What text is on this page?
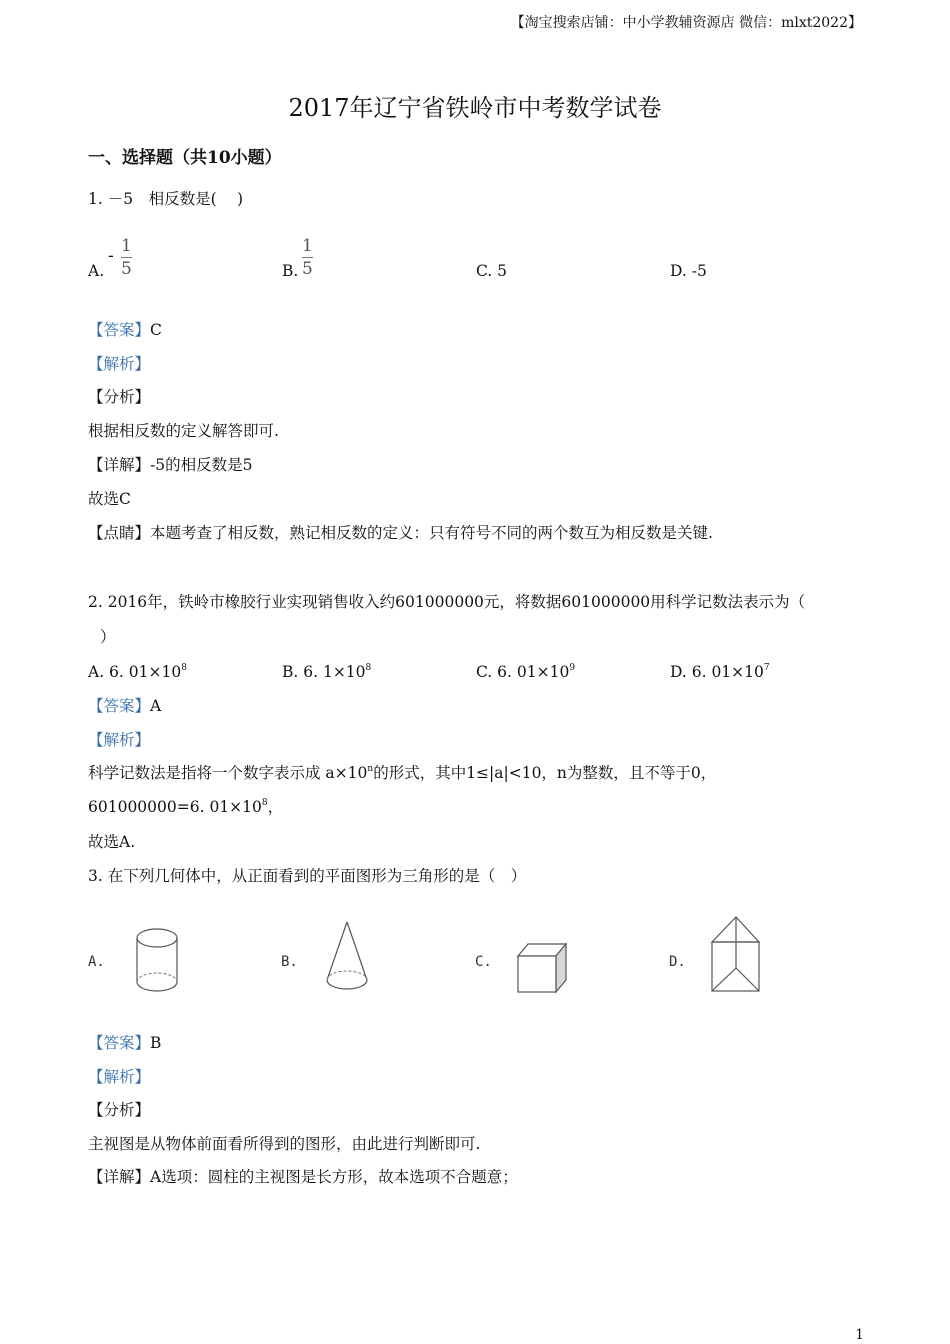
【淘宝搜索店铺：中小学教辅资源店 微信：mlxt2022】
2017年辽宁省铁岭市中考数学试卷
一、选择题（共10小题）
1. －5　相反数是(　 )
A.
- 1
5	B.
1
5	C. 5	D. -5
【答案】C
【解析】
【分析】
根据相反数的定义解答即可.
【详解】-5的相反数是5
故选C
【点睛】本题考查了相反数，熟记相反数的定义：只有符号不同的两个数互为相反数是关键.
2. 2016年，铁岭市橡胶行业实现销售收入约601000000元，将数据601000000用科学记数法表示为（
）
A. 6. $01\times 10^8$	B. 6. $1\times 10^8$	C. 6. $01\times 10^9$	D. 6. $01\times 10^7$
【答案】A
【解析】
科学记数法是指将一个数字表示成 $a\times 10^n$的形式，其中1≤|a|<10，n为整数，且不等于0，
601000000=6. $01\times 10^8$，
故选A.
3. 在下列几何体中，从正面看到的平面图形为三角形的是（　）
A.	B.	C.	D.
【答案】B
【解析】
【分析】
主视图是从物体前面看所得到的图形，由此进行判断即可.
【详解】A选项：圆柱的主视图是长方形，故本选项不合题意；
1
